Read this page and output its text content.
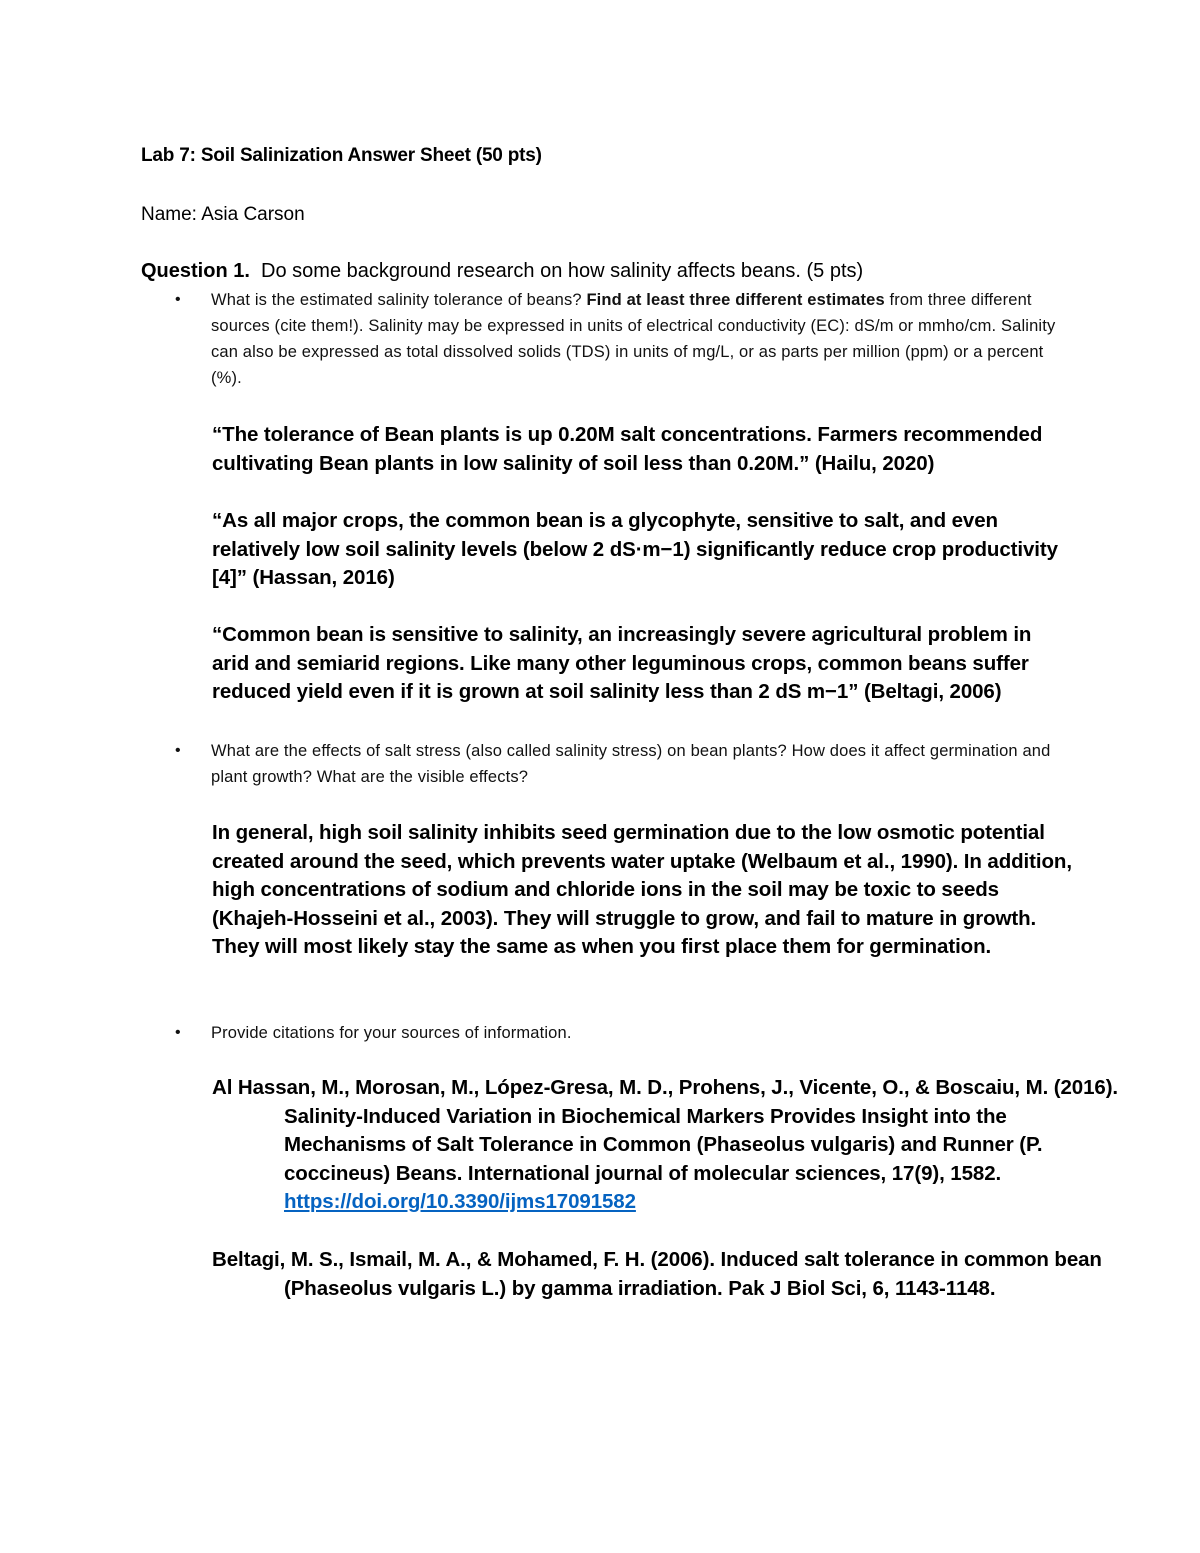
Lab 7: Soil Salinization Answer Sheet (50 pts)
Name: Asia Carson
Question 1. Do some background research on how salinity affects beans. (5 pts)
• What is the estimated salinity tolerance of beans? Find at least three different estimates from three different sources (cite them!). Salinity may be expressed in units of electrical conductivity (EC): dS/m or mmho/cm. Salinity can also be expressed as total dissolved solids (TDS) in units of mg/L, or as parts per million (ppm) or a percent (%).
“The tolerance of Bean plants is up 0.20M salt concentrations. Farmers recommended cultivating Bean plants in low salinity of soil less than 0.20M.” (Hailu, 2020)
“As all major crops, the common bean is a glycophyte, sensitive to salt, and even relatively low soil salinity levels (below 2 dS·m−1) significantly reduce crop productivity [4]” (Hassan, 2016)
“Common bean is sensitive to salinity, an increasingly severe agricultural problem in arid and semiarid regions. Like many other leguminous crops, common beans suffer reduced yield even if it is grown at soil salinity less than 2 dS m−1” (Beltagi, 2006)
• What are the effects of salt stress (also called salinity stress) on bean plants? How does it affect germination and plant growth? What are the visible effects?
In general, high soil salinity inhibits seed germination due to the low osmotic potential created around the seed, which prevents water uptake (Welbaum et al., 1990). In addition, high concentrations of sodium and chloride ions in the soil may be toxic to seeds (Khajeh-Hosseini et al., 2003). They will struggle to grow, and fail to mature in growth. They will most likely stay the same as when you first place them for germination.
• Provide citations for your sources of information.
Al Hassan, M., Morosan, M., López-Gresa, M. D., Prohens, J., Vicente, O., & Boscaiu, M. (2016). Salinity-Induced Variation in Biochemical Markers Provides Insight into the Mechanisms of Salt Tolerance in Common (Phaseolus vulgaris) and Runner (P. coccineus) Beans. International journal of molecular sciences, 17(9), 1582. https://doi.org/10.3390/ijms17091582
Beltagi, M. S., Ismail, M. A., & Mohamed, F. H. (2006). Induced salt tolerance in common bean (Phaseolus vulgaris L.) by gamma irradiation. Pak J Biol Sci, 6, 1143-1148.
